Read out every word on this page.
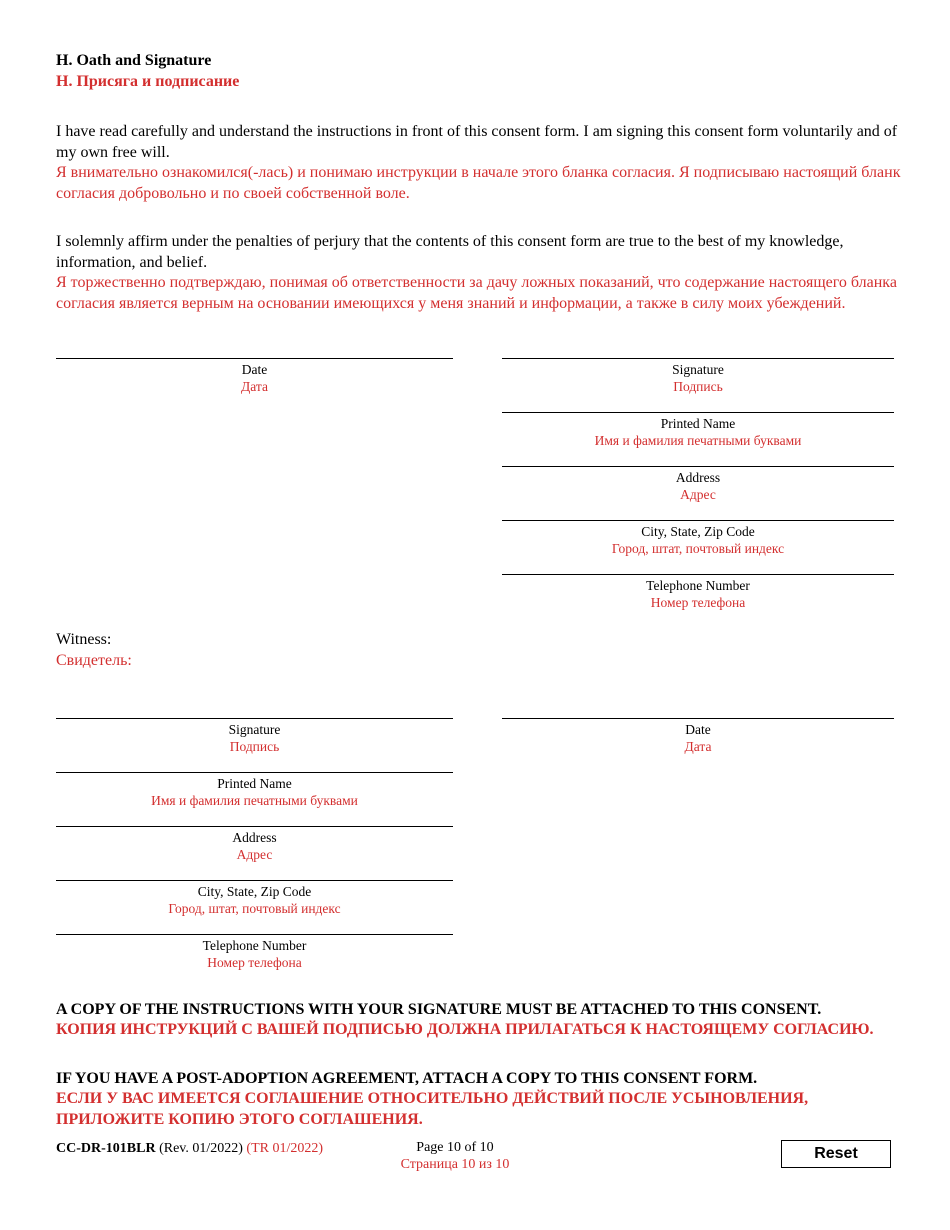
H. Oath and Signature
Н. Присяга и подписание
I have read carefully and understand the instructions in front of this consent form. I am signing this consent form voluntarily and of my own free will.
Я внимательно ознакомился(-лась) и понимаю инструкции в начале этого бланка согласия. Я подписываю настоящий бланк согласия добровольно и по своей собственной воле.
I solemnly affirm under the penalties of perjury that the contents of this consent form are true to the best of my knowledge, information, and belief.
Я торжественно подтверждаю, понимая об ответственности за дачу ложных показаний, что содержание настоящего бланка согласия является верным на основании имеющихся у меня знаний и информации, а также в силу моих убеждений.
Date
Дата
Signature
Подпись
Printed Name
Имя и фамилия печатными буквами
Address
Адрес
City, State, Zip Code
Город, штат, почтовый индекс
Telephone Number
Номер телефона
Witness:
Свидетель:
Signature
Подпись
Printed Name
Имя и фамилия печатными буквами
Address
Адрес
City, State, Zip Code
Город, штат, почтовый индекс
Telephone Number
Номер телефона
Date
Дата
A COPY OF THE INSTRUCTIONS WITH YOUR SIGNATURE MUST BE ATTACHED TO THIS CONSENT.
КОПИЯ ИНСТРУКЦИЙ С ВАШЕЙ ПОДПИСЬЮ ДОЛЖНА ПРИЛАГАТЬСЯ К НАСТОЯЩЕМУ СОГЛАСИЮ.
IF YOU HAVE A POST-ADOPTION AGREEMENT, ATTACH A COPY TO THIS CONSENT FORM.
ЕСЛИ У ВАС ИМЕЕТСЯ СОГЛАШЕНИЕ ОТНОСИТЕЛЬНО ДЕЙСТВИЙ ПОСЛЕ УСЫНОВЛЕНИЯ, ПРИЛОЖИТЕ КОПИЮ ЭТОГО СОГЛАШЕНИЯ.
CC-DR-101BLR (Rev. 01/2022) (TR 01/2022)	Page 10 of 10
Страница 10 из 10
Reset
